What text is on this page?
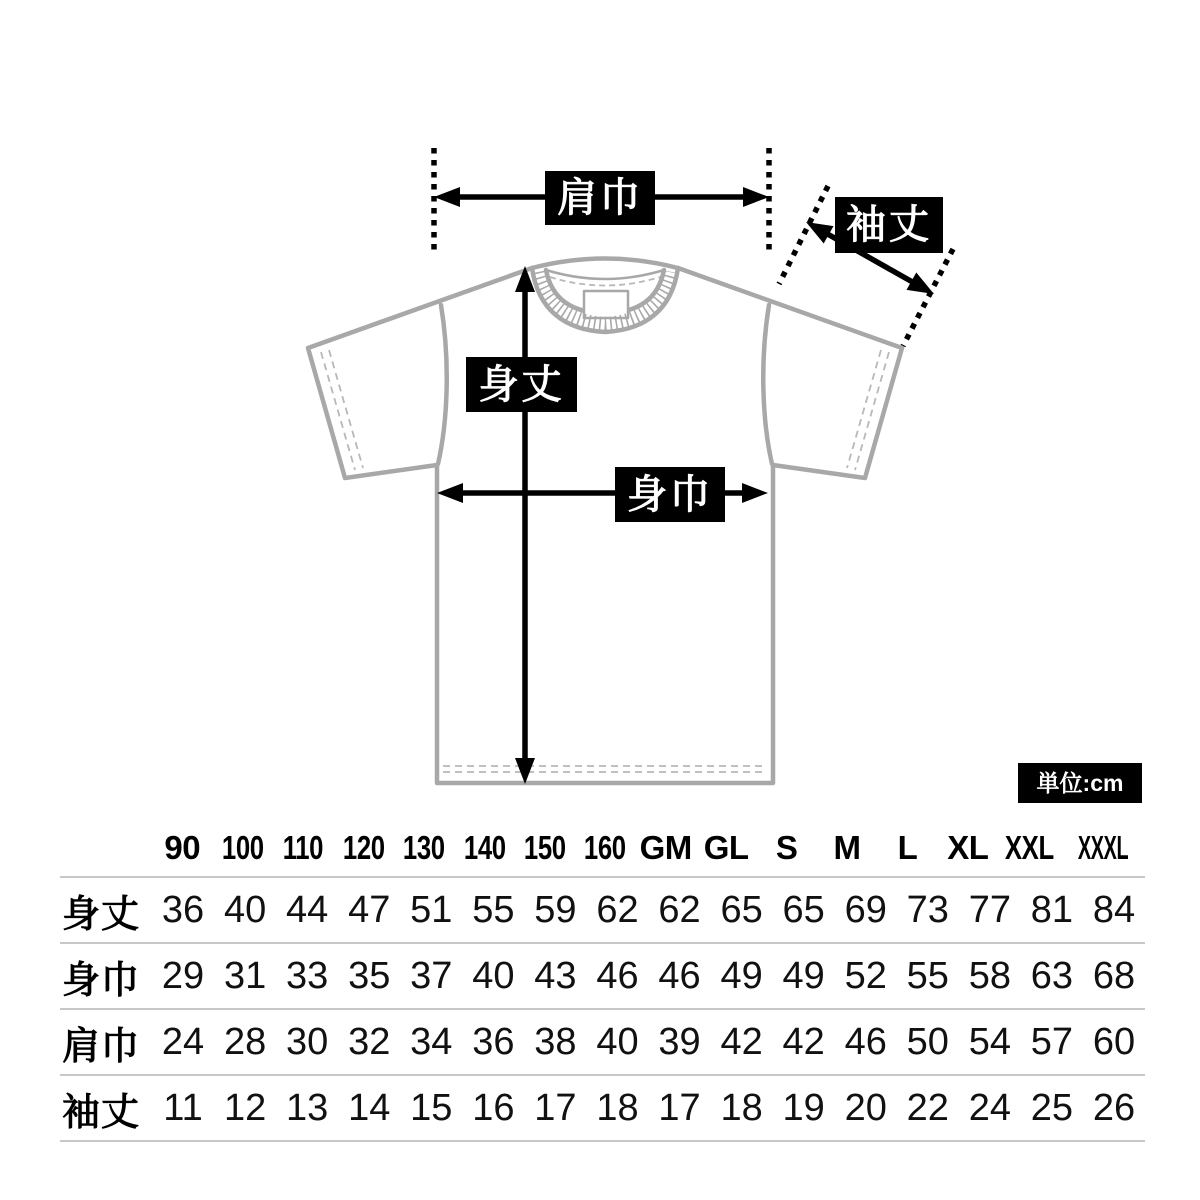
肩巾
袖丈
身丈
身巾
単位:cm
90 100 110 120 130 140 150 160 GM GL S	M	L XL XXL XXXL
身丈 36 40 44 47 51 55 59 62 62 65 65 69 73 77 81 84
身巾 29 31 33 35 37 40 43 46 46 49 49 52 55 58 63 68
肩巾 24 28 30 32 34 36 38 40 39 42 42 46 50 54 57 60
袖丈 11 12 13 14 15 16 17 18 17 18 19 20 22 24 25 26
